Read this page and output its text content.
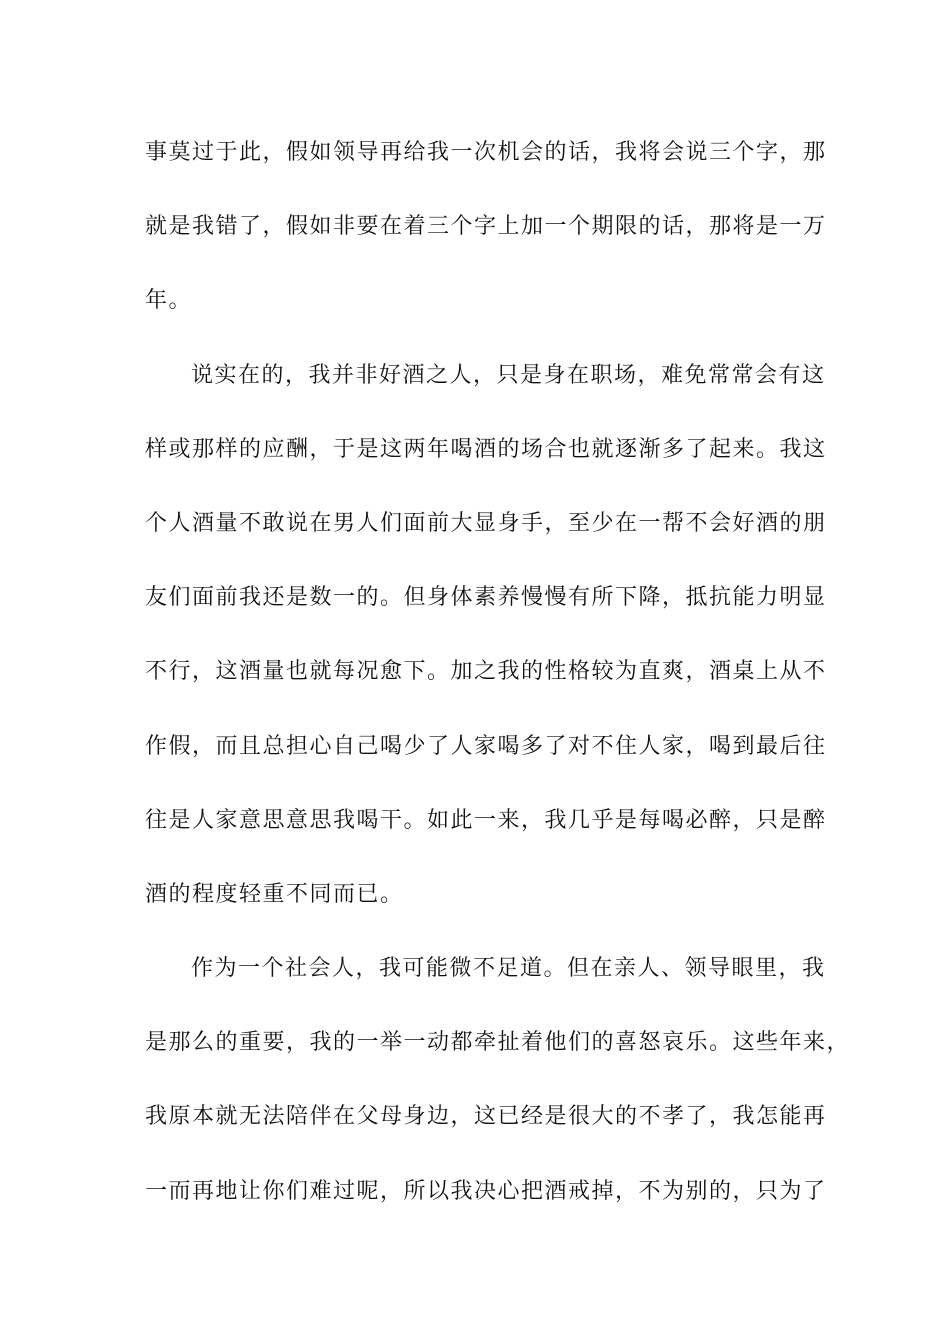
事莫过于此，假如领导再给我一次机会的话，我将会说三个字，那
就是我错了，假如非要在着三个字上加一个期限的话，那将是一万
年。
说实在的，我并非好酒之人，只是身在职场，难免常常会有这
样或那样的应酬，于是这两年喝酒的场合也就逐渐多了起来。我这
个人酒量不敢说在男人们面前大显身手，至少在一帮不会好酒的朋
友们面前我还是数一的。但身体素养慢慢有所下降，抵抗能力明显
不行，这酒量也就每况愈下。加之我的性格较为直爽，酒桌上从不
作假，而且总担心自己喝少了人家喝多了对不住人家，喝到最后往
往是人家意思意思我喝干。如此一来，我几乎是每喝必醉，只是醉
酒的程度轻重不同而已。
作为一个社会人，我可能微不足道。但在亲人、领导眼里，我
是那么的重要，我的一举一动都牵扯着他们的喜怒哀乐。这些年来，
我原本就无法陪伴在父母身边，这已经是很大的不孝了，我怎能再
一而再地让你们难过呢，所以我决心把酒戒掉，不为别的，只为了
